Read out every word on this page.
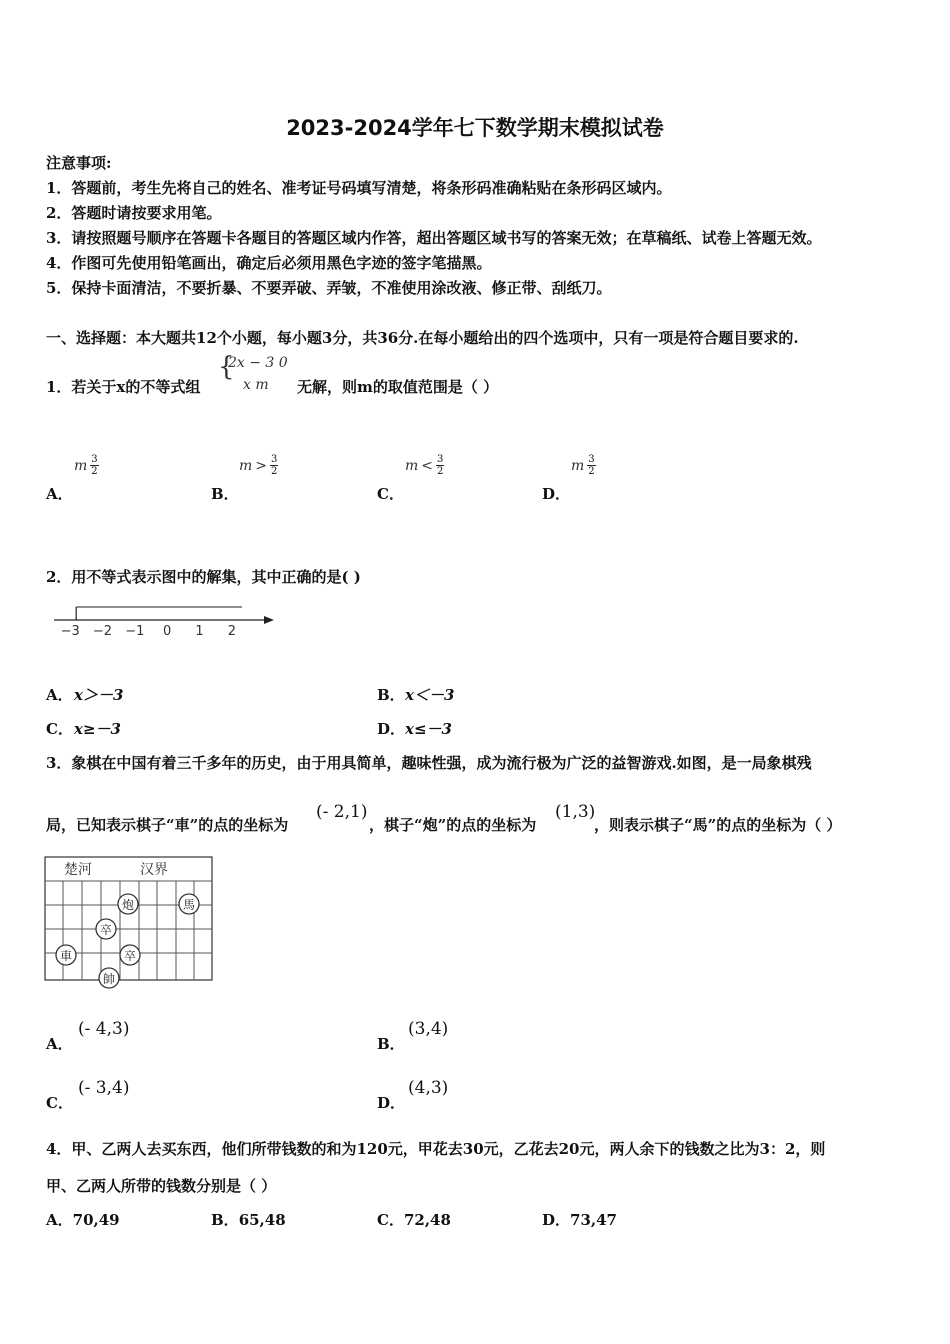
2023-2024学年七下数学期末模拟试卷
注意事项:
1．答题前，考生先将自己的姓名、准考证号码填写清楚，将条形码准确粘贴在条形码区域内。
2．答题时请按要求用笔。
3．请按照题号顺序在答题卡各题目的答题区域内作答，超出答题区域书写的答案无效；在草稿纸、试卷上答题无效。
4．作图可先使用铅笔画出，确定后必须用黑色字迹的签字笔描黑。
5．保持卡面清洁，不要折暴、不要弄破、弄皱，不准使用涂改液、修正带、刮纸刀。
一、选择题：本大题共12个小题，每小题3分，共36分.在每小题给出的四个选项中，只有一项是符合题目要求的.
1．若关于x的不等式组
{
2x − 3 0
x m 无解，则m的取值范围是（ ）
m $\frac{3}{2}$
A．
$m > \frac{3}{2}$
B．
$m < \frac{3}{2}$
C．
m $\frac{3}{2}$
D．
2．用不等式表示图中的解集，其中正确的是( )
−3 −2 −1 0 1 2
A． x＞－3	B． x＜－3
C． x≥－3	D． x≤－3
3．象棋在中国有着三千多年的历史，由于用具简单，趣味性强，成为流行极为广泛的益智游戏.如图，是一局象棋残
局，已知表示棋子“車”的点的坐标为
(- 2,1)
，棋子“炮”的点的坐标为
(1,3)
，则表示棋子“馬”的点的坐标为（ ）
楚河	汉界
炮	馬
卒
車	卒
帥
A．
(- 4,3)
B．
(3,4)
C．
(- 3,4)
D．
(4,3)
4．甲、乙两人去买东西，他们所带钱数的和为120元，甲花去30元，乙花去20元，两人余下的钱数之比为3：2，则
甲、乙两人所带的钱数分别是（ ）
A．70,49	B．65,48	C．72,48	D．73,47
